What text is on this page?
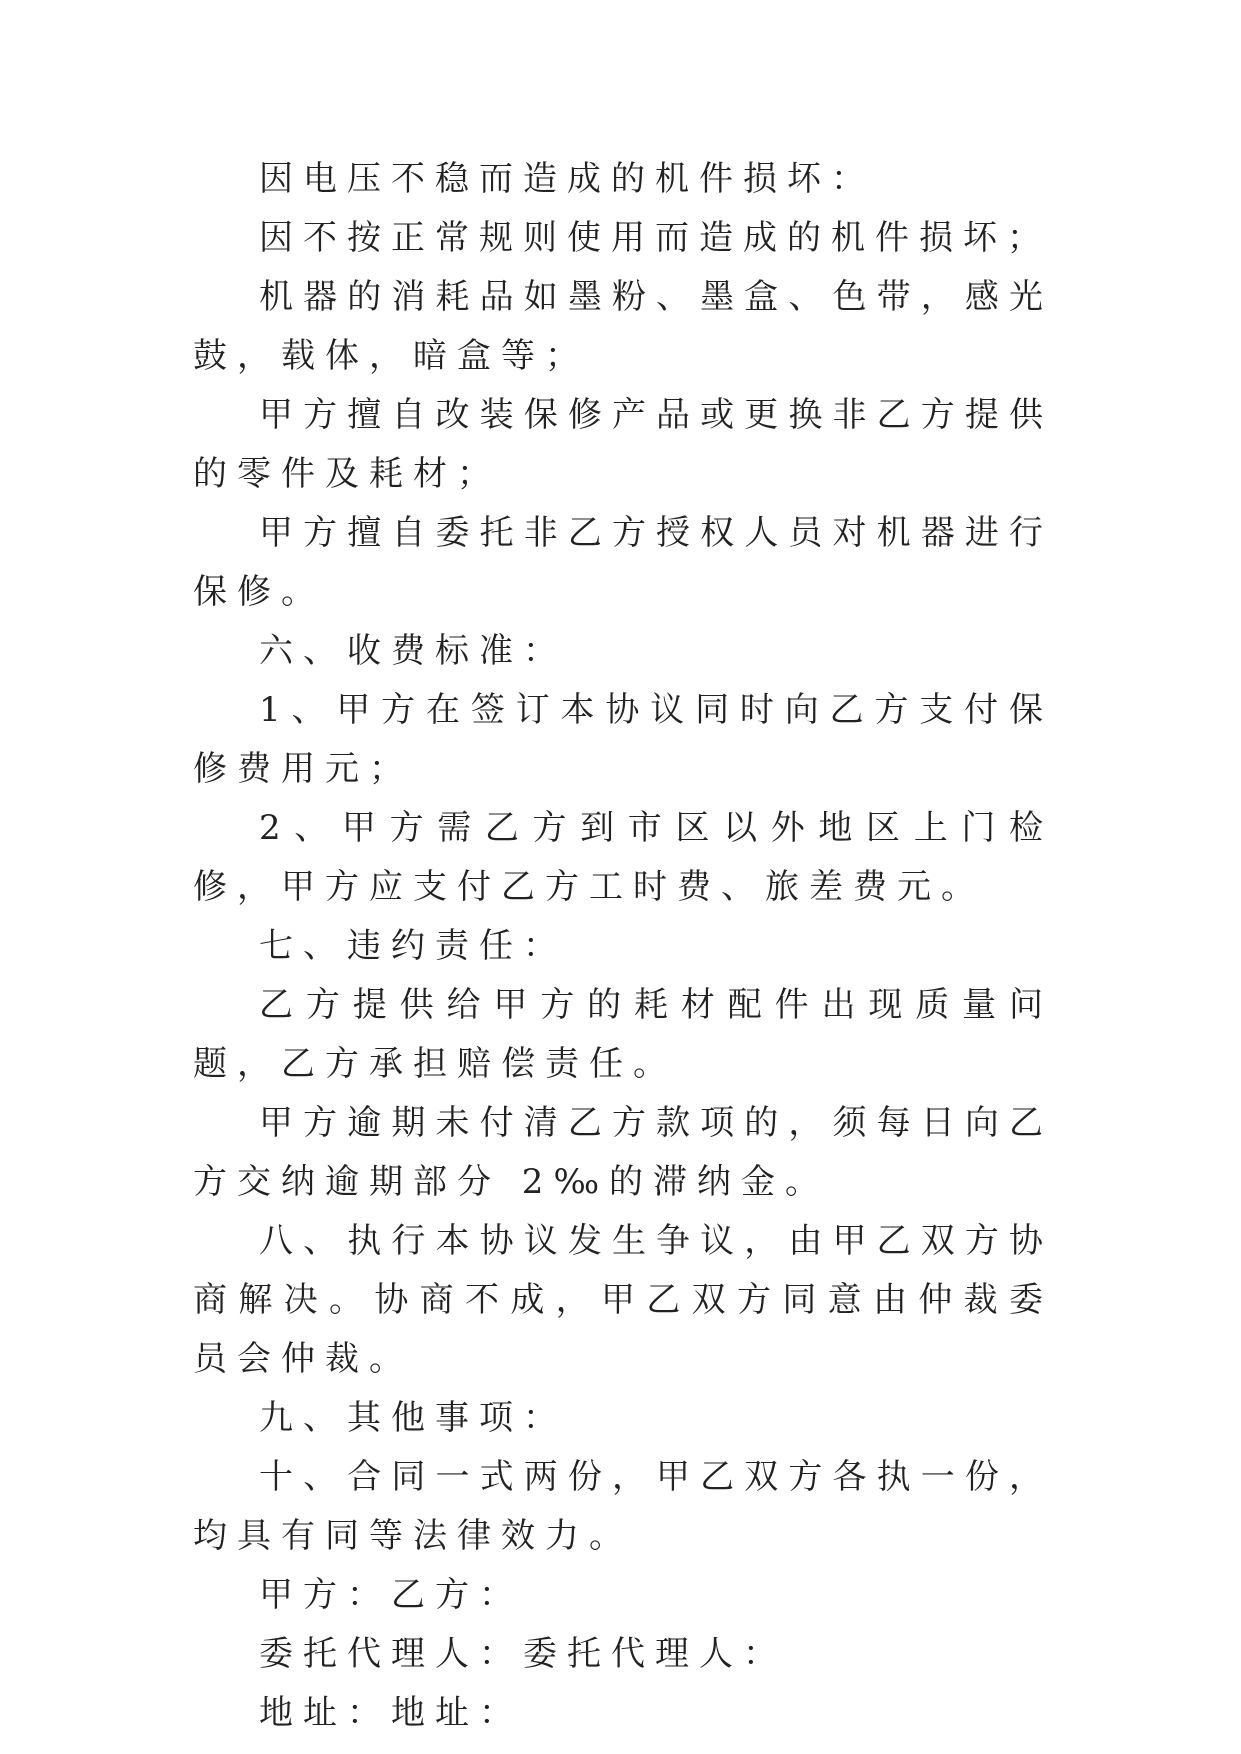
因电压不稳而造成的机件损坏：

因不按正常规则使用而造成的机件损坏；

机器的消耗品如墨粉、墨盒、色带，感光鼓，载体，暗盒等；

甲方擅自改装保修产品或更换非乙方提供的零件及耗材；

甲方擅自委托非乙方授权人员对机器进行保修。

六、收费标准：

1、甲方在签订本协议同时向乙方支付保修费用元；

2、甲方需乙方到市区以外地区上门检修，甲方应支付乙方工时费、旅差费元。

七、违约责任：

乙方提供给甲方的耗材配件出现质量问题，乙方承担赔偿责任。

甲方逾期未付清乙方款项的，须每日向乙方交纳逾期部分 2‰的滞纳金。

八、执行本协议发生争议，由甲乙双方协商解决。协商不成，甲乙双方同意由仲裁委员会仲裁。

九、其他事项：

十、合同一式两份，甲乙双方各执一份，均具有同等法律效力。

甲方：乙方：

委托代理人：委托代理人：

地址：地址：
